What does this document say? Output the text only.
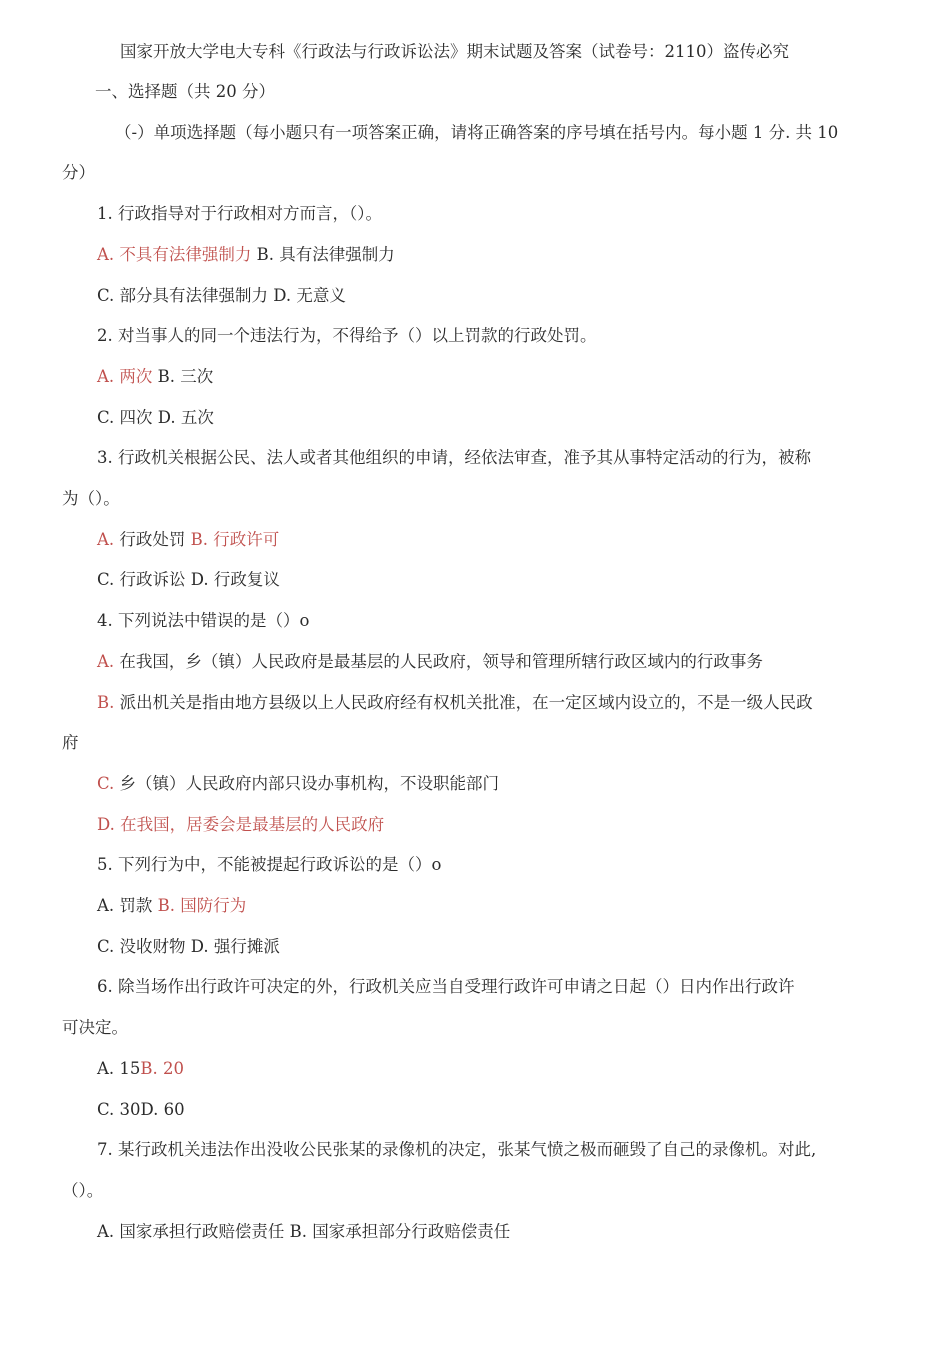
国家开放大学电大专科《行政法与行政诉讼法》期末试题及答案（试卷号：2110）盗传必究
一、选择题（共 20 分）
（-）单项选择题（每小题只有一项答案正确，请将正确答案的序号填在括号内。每小题 1 分. 共 10
分）
1. 行政指导对于行政相对方而言，（）。
A. 不具有法律强制力 B. 具有法律强制力
C. 部分具有法律强制力 D. 无意义
2. 对当事人的同一个违法行为，不得给予（）以上罚款的行政处罚。
A. 两次 B. 三次
C. 四次 D. 五次
3. 行政机关根据公民、法人或者其他组织的申请，经依法审查，准予其从事特定活动的行为，被称
为（）。
A. 行政处罚 B. 行政许可
C. 行政诉讼 D. 行政复议
4. 下列说法中错误的是（）o
A. 在我国，乡（镇）人民政府是最基层的人民政府，领导和管理所辖行政区域内的行政事务
B. 派出机关是指由地方县级以上人民政府经有权机关批准，在一定区域内设立的，不是一级人民政
府
C. 乡（镇）人民政府内部只设办事机构，不设职能部门
D. 在我国，居委会是最基层的人民政府
5. 下列行为中，不能被提起行政诉讼的是（）o
A. 罚款 B. 国防行为
C. 没收财物 D. 强行摊派
6. 除当场作出行政许可决定的外，行政机关应当自受理行政许可申请之日起（）日内作出行政许
可决定。
A. 15B. 20
C. 30D. 60
7. 某行政机关违法作出没收公民张某的录像机的决定，张某气愤之极而砸毁了自己的录像机。对此,
（）。
A. 国家承担行政赔偿责任 B. 国家承担部分行政赔偿责任
